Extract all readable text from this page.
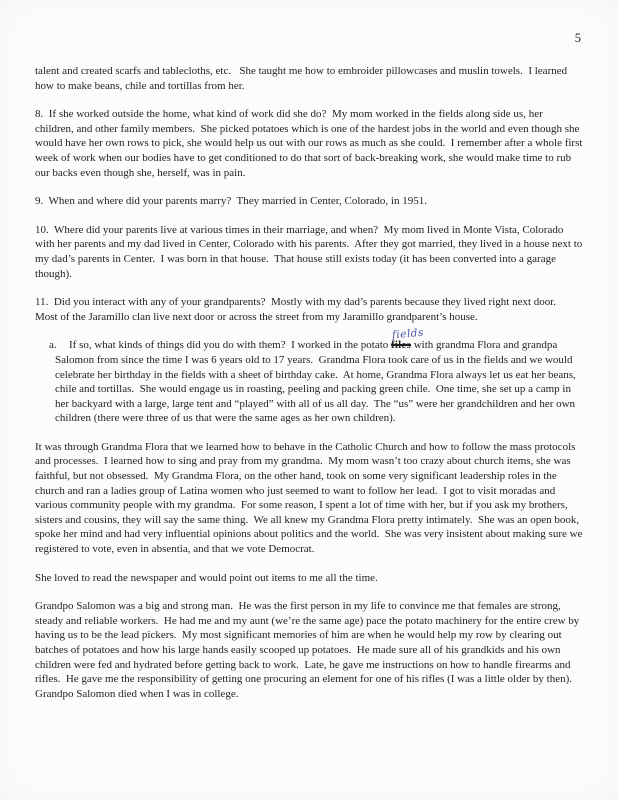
5

talent and created scarfs and tablecloths, etc.   She taught me how to embroider pillowcases and muslin towels.  I learned how to make beans, chile and tortillas from her.

8.  If she worked outside the home, what kind of work did she do?  My mom worked in the fields along side us, her children, and other family members.  She picked potatoes which is one of the hardest jobs in the world and even though she would have her own rows to pick, she would help us out with our rows as much as she could.  I remember after a whole first week of work when our bodies have to get conditioned to do that sort of back-breaking work, she would make time to rub our backs even though she, herself, was in pain.

9.  When and where did your parents marry?  They married in Center, Colorado, in 1951.

10.  Where did your parents live at various times in their marriage, and when?  My mom lived in Monte Vista, Colorado with her parents and my dad lived in Center, Colorado with his parents.  After they got married, they lived in a house next to my dad’s parents in Center.  I was born in that house.  That house still exists today (it has been converted into a garage though).

11.  Did you interact with any of your grandparents?  Mostly with my dad’s parents because they lived right next door.  Most of the Jaramillo clan live next door or across the street from my Jaramillo grandparent’s house.

a. If so, what kinds of things did you do with them?  I worked in the potato files
fields
with grandma Flora and grandpa Salomon from since the time I was 6 years old to 17 years.  Grandma Flora took care of us in the fields and we would celebrate her birthday in the fields with a sheet of birthday cake.  At home, Grandma Flora always let us eat her beans, chile and tortillas.  She would engage us in roasting, peeling and packing green chile.  One time, she set up a camp in her backyard with a large, large tent and “played” with all of us all day.  The “us” were her grandchildren and her own children (there were three of us that were the same ages as her own children).

It was through Grandma Flora that we learned how to behave in the Catholic Church and how to follow the mass protocols and processes.  I learned how to sing and pray from my grandma.  My mom wasn’t too crazy about church items, she was faithful, but not obsessed.  My Grandma Flora, on the other hand, took on some very significant leadership roles in the church and ran a ladies group of Latina women who just seemed to want to follow her lead.  I got to visit moradas and various community people with my grandma.  For some reason, I spent a lot of time with her, but if you ask my brothers, sisters and cousins, they will say the same thing.  We all knew my Grandma Flora pretty intimately.  She was an open book, spoke her mind and had very influential opinions about politics and the world.  She was very insistent about making sure we registered to vote, even in absentia, and that we vote Democrat.

She loved to read the newspaper and would point out items to me all the time.

Grandpo Salomon was a big and strong man.  He was the first person in my life to convince me that females are strong, steady and reliable workers.  He had me and my aunt (we’re the same age) pace the potato machinery for the entire crew by having us to be the lead pickers.  My most significant memories of him are when he would help my row by clearing out batches of potatoes and how his large hands easily scooped up potatoes.  He made sure all of his grandkids and his own children were fed and hydrated before getting back to work.  Late, he gave me instructions on how to handle firearms and rifles.  He gave me the responsibility of getting one procuring an element for one of his rifles (I was a little older by then).  Grandpo Salomon died when I was in college.
